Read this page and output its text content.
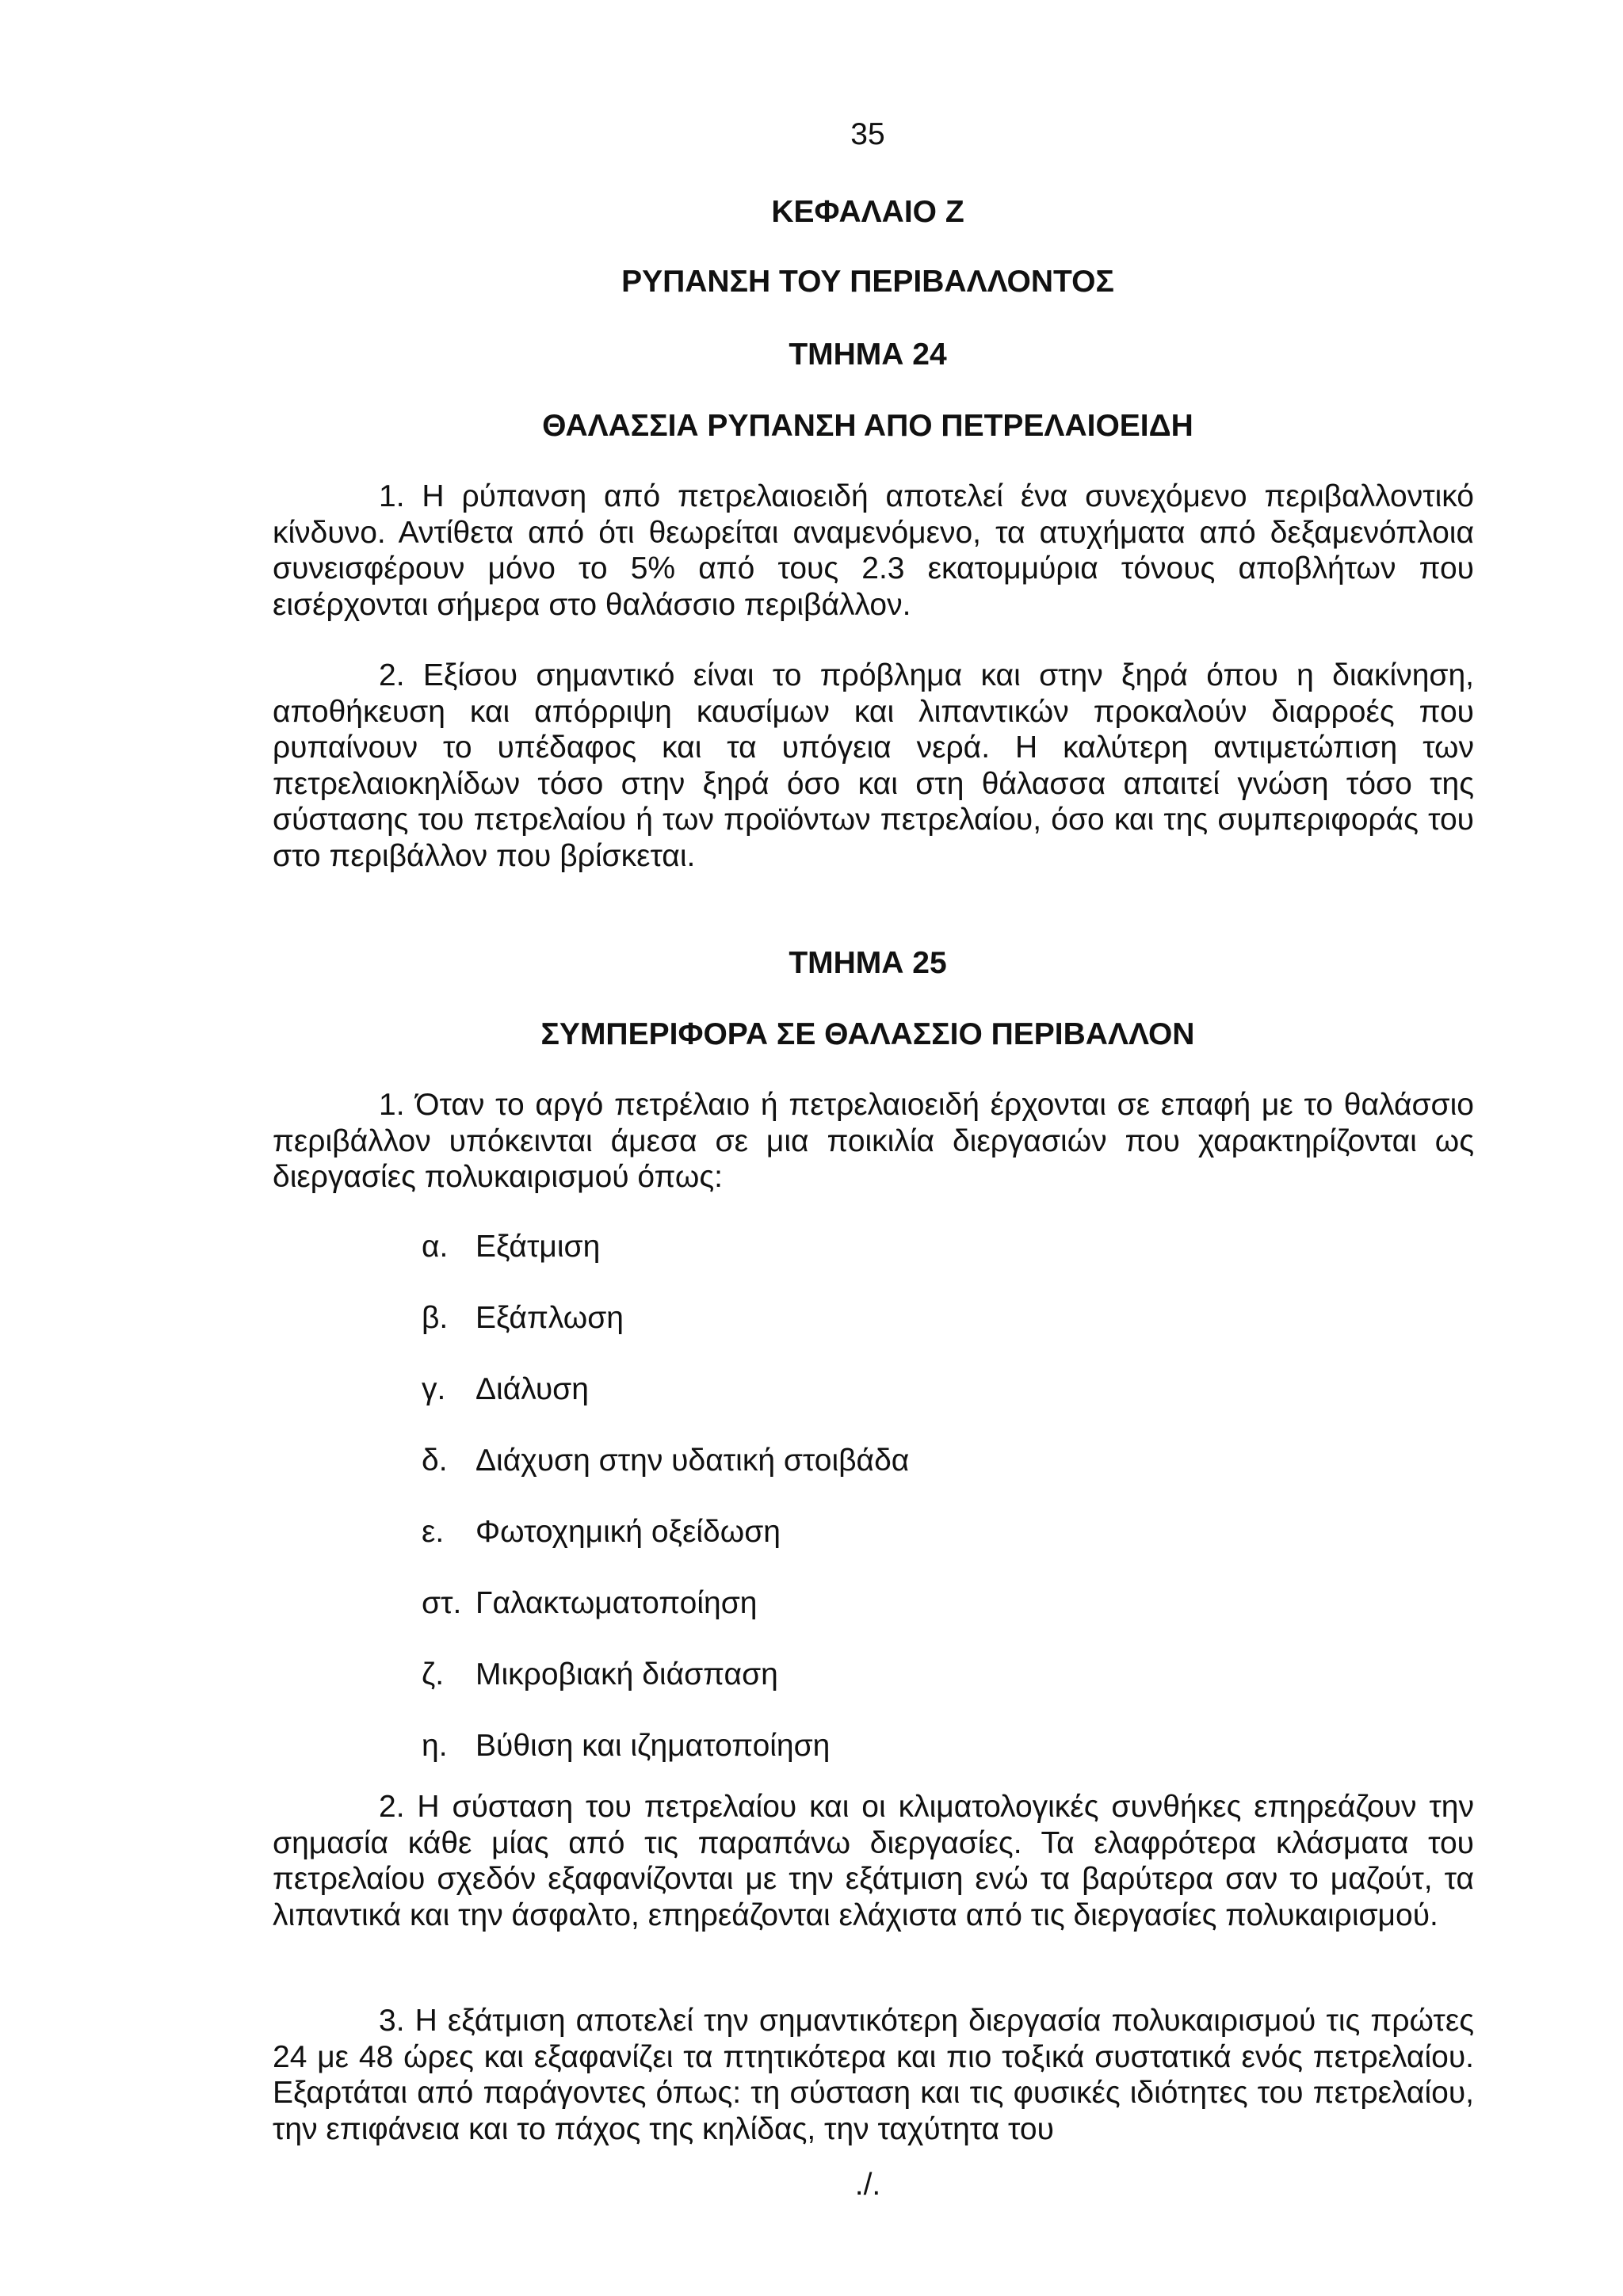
35
ΚΕΦΑΛΑΙΟ Ζ
ΡΥΠΑΝΣΗ ΤΟΥ ΠΕΡΙΒΑΛΛΟΝΤΟΣ
ΤΜΗΜΑ 24
ΘΑΛΑΣΣΙΑ ΡΥΠΑΝΣΗ ΑΠΟ ΠΕΤΡΕΛΑΙΟΕΙΔΗ

1. Η ρύπανση από πετρελαιοειδή αποτελεί ένα συνεχόμενο περιβαλλοντικό κίνδυνο. Αντίθετα από ότι θεωρείται αναμενόμενο, τα ατυχήματα από δεξαμενόπλοια συνεισφέρουν μόνο το 5% από τους 2.3 εκατομμύρια τόνους αποβλήτων που εισέρχονται σήμερα στο θαλάσσιο περιβάλλον.

2. Εξίσου σημαντικό είναι το πρόβλημα και στην ξηρά όπου η διακίνηση, αποθήκευση και απόρριψη καυσίμων και λιπαντικών προκαλούν διαρροές που ρυπαίνουν το υπέδαφος και τα υπόγεια νερά. Η καλύτερη αντιμετώπιση των πετρελαιοκηλίδων τόσο στην ξηρά όσο και στη θάλασσα απαιτεί γνώση τόσο της σύστασης του πετρελαίου ή των προϊόντων πετρελαίου, όσο και της συμπεριφοράς του στο περιβάλλον που βρίσκεται.

ΤΜΗΜΑ 25
ΣΥΜΠΕΡΙΦΟΡΑ ΣΕ ΘΑΛΑΣΣΙΟ ΠΕΡΙΒΑΛΛΟΝ

1. Όταν το αργό πετρέλαιο ή πετρελαιοειδή έρχονται σε επαφή με το θαλάσσιο περιβάλλον υπόκεινται άμεσα σε μια ποικιλία διεργασιών που χαρακτηρίζονται ως διεργασίες πολυκαιρισμού όπως:

α. Εξάτμιση
β. Εξάπλωση
γ. Διάλυση
δ. Διάχυση στην υδατική στοιβάδα
ε. Φωτοχημική οξείδωση
στ. Γαλακτωματοποίηση
ζ. Μικροβιακή διάσπαση
η. Βύθιση και ιζηματοποίηση

2. Η σύσταση του πετρελαίου και οι κλιματολογικές συνθήκες επηρεάζουν την σημασία κάθε μίας από τις παραπάνω διεργασίες. Τα ελαφρότερα κλάσματα του πετρελαίου σχεδόν εξαφανίζονται με την εξάτμιση ενώ τα βαρύτερα σαν το μαζούτ, τα λιπαντικά και την άσφαλτο, επηρεάζονται ελάχιστα από τις διεργασίες πολυκαιρισμού.

3. Η εξάτμιση αποτελεί την σημαντικότερη διεργασία πολυκαιρισμού τις πρώτες 24 με 48 ώρες και εξαφανίζει τα πτητικότερα και πιο τοξικά συστατικά ενός πετρελαίου. Εξαρτάται από παράγοντες όπως: τη σύσταση και τις φυσικές ιδιότητες του πετρελαίου, την επιφάνεια και το πάχος της κηλίδας, την ταχύτητα του

./.
